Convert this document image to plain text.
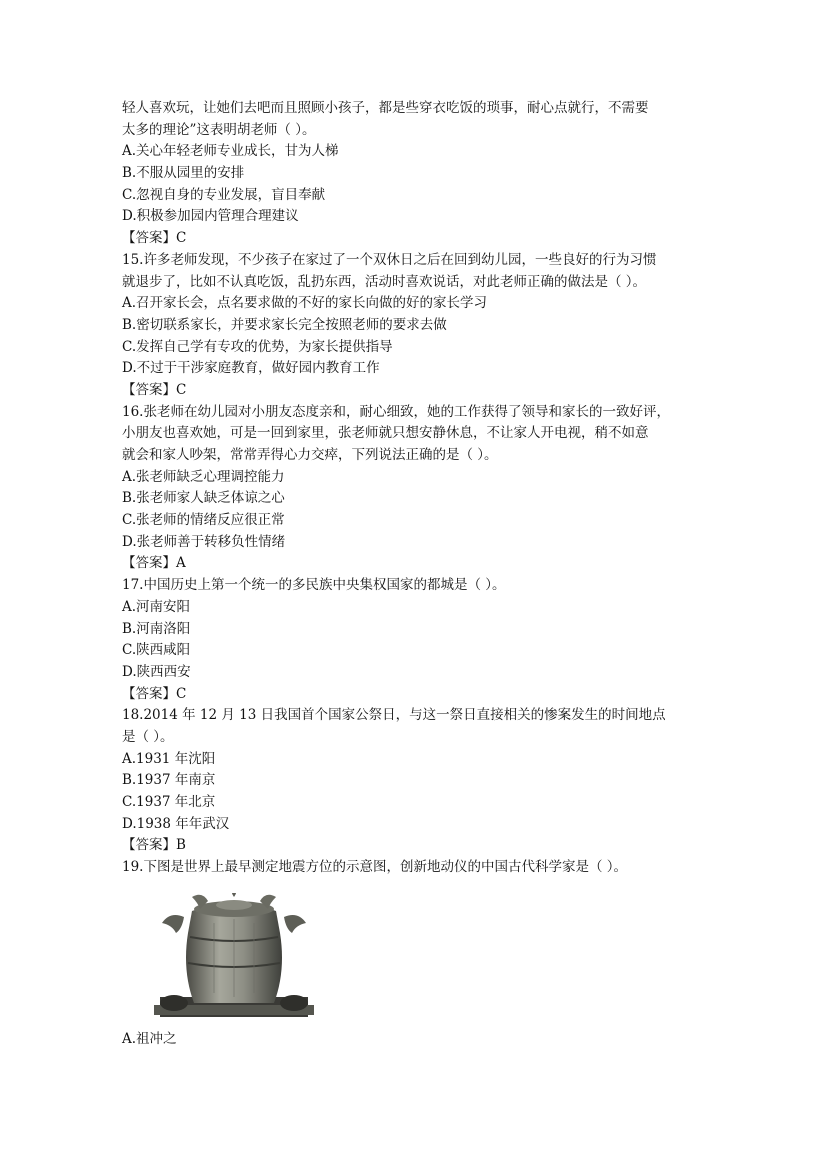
轻人喜欢玩，让她们去吧而且照顾小孩子，都是些穿衣吃饭的琐事，耐心点就行，不需要
太多的理论”这表明胡老师（ ）。
A.关心年轻老师专业成长，甘为人梯
B.不服从园里的安排
C.忽视自身的专业发展，盲目奉献
D.积极参加园内管理合理建议
【答案】C
15.许多老师发现，不少孩子在家过了一个双休日之后在回到幼儿园，一些良好的行为习惯
就退步了，比如不认真吃饭，乱扔东西，活动时喜欢说话，对此老师正确的做法是（ ）。
A.召开家长会，点名要求做的不好的家长向做的好的家长学习
B.密切联系家长，并要求家长完全按照老师的要求去做
C.发挥自己学有专攻的优势，为家长提供指导
D.不过于干涉家庭教育，做好园内教育工作
【答案】C
16.张老师在幼儿园对小朋友态度亲和，耐心细致，她的工作获得了领导和家长的一致好评，
小朋友也喜欢她，可是一回到家里，张老师就只想安静休息，不让家人开电视，稍不如意
就会和家人吵架，常常弄得心力交瘁，下列说法正确的是（ ）。
A.张老师缺乏心理调控能力
B.张老师家人缺乏体谅之心
C.张老师的情绪反应很正常
D.张老师善于转移负性情绪
【答案】A
17.中国历史上第一个统一的多民族中央集权国家的都城是（ ）。
A.河南安阳
B.河南洛阳
C.陕西咸阳
D.陕西西安
【答案】C
18.2014 年 12 月 13 日我国首个国家公祭日，与这一祭日直接相关的惨案发生的时间地点
是（ ）。
A.1931 年沈阳
B.1937 年南京
C.1937 年北京
D.1938 年年武汉
【答案】B
19.下图是世界上最早测定地震方位的示意图，创新地动仪的中国古代科学家是（ ）。
A.祖冲之
